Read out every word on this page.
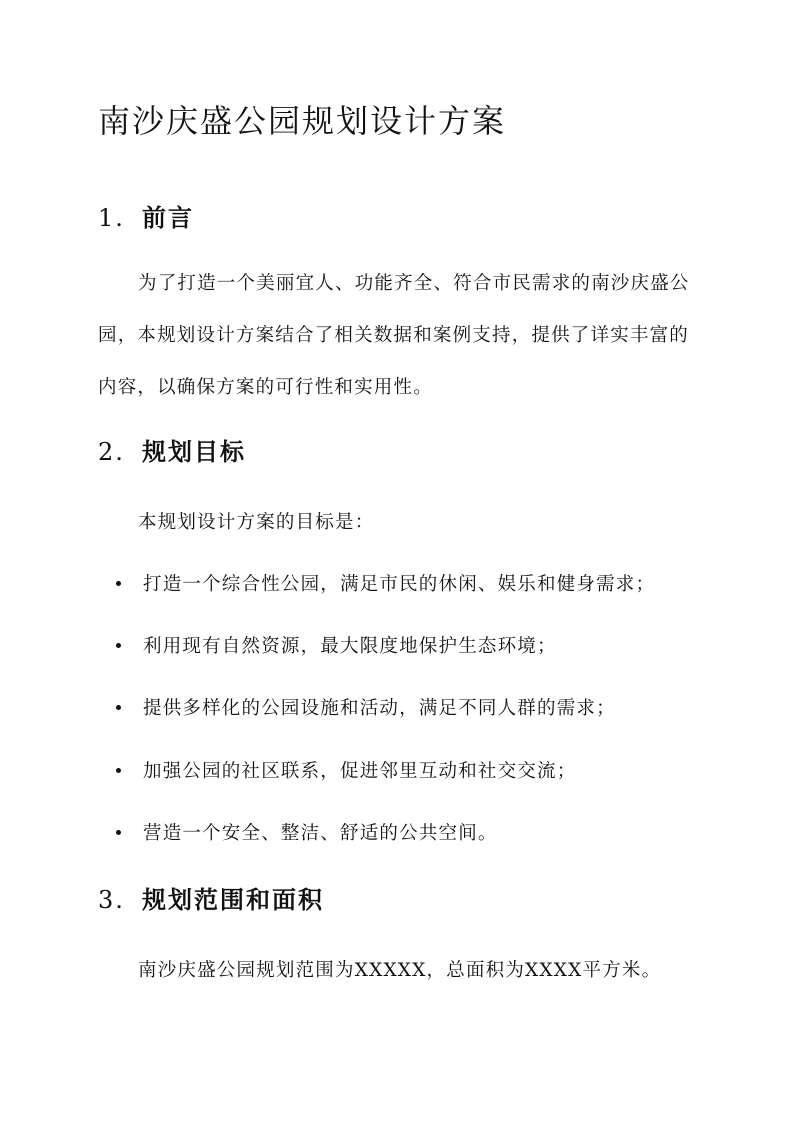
南沙庆盛公园规划设计方案
1. 前言

为了打造一个美丽宜人、功能齐全、符合市民需求的南沙庆盛公园，本规划设计方案结合了相关数据和案例支持，提供了详实丰富的内容，以确保方案的可行性和实用性。

2. 规划目标

本规划设计方案的目标是：

打造一个综合性公园，满足市民的休闲、娱乐和健身需求；
利用现有自然资源，最大限度地保护生态环境；
提供多样化的公园设施和活动，满足不同人群的需求；
加强公园的社区联系，促进邻里互动和社交交流；
营造一个安全、整洁、舒适的公共空间。
3. 规划范围和面积

南沙庆盛公园规划范围为XXXXX，总面积为XXXX平方米。
